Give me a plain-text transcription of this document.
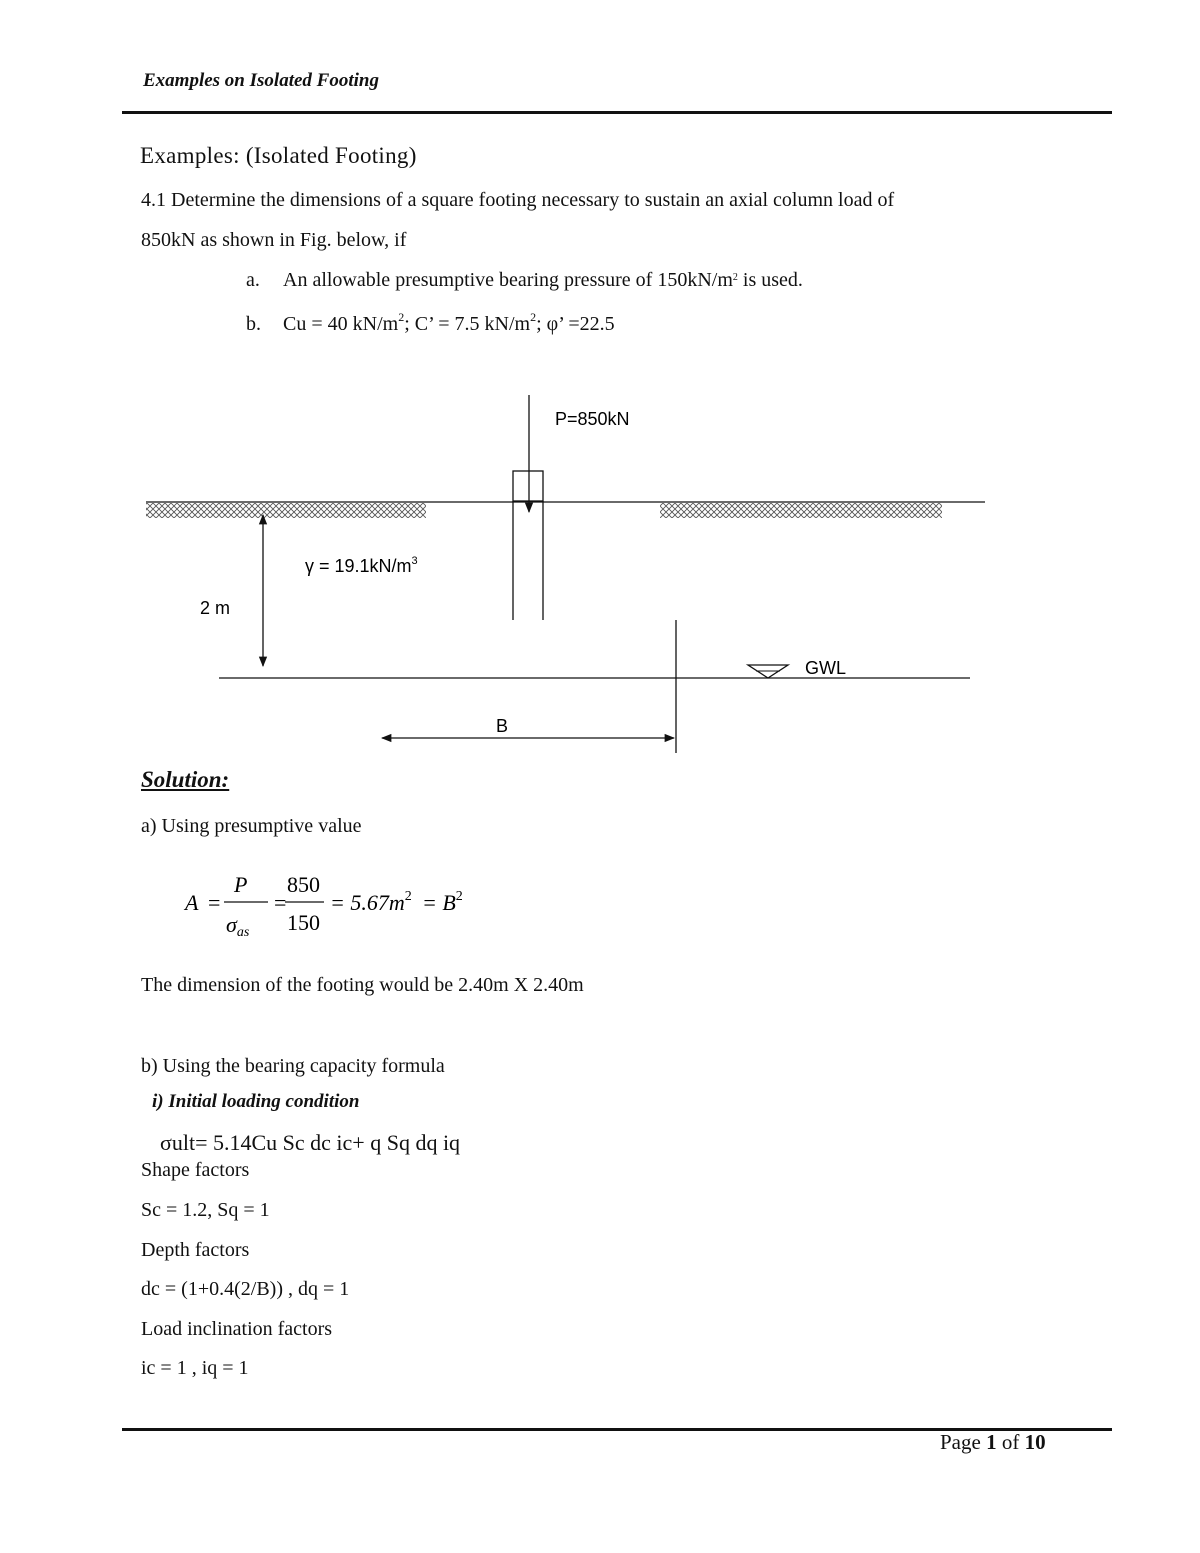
Examples on Isolated Footing
Examples: (Isolated Footing)
4.1 Determine the dimensions of a square footing necessary to sustain an axial column load of
850kN as shown in Fig. below, if
a. An allowable presumptive bearing pressure of $150kN/m^2$ is used.
b. Cu = 40 $kN/m^2$; C’ = 7.5 $kN/m^2$; φ’ =22.5
P=850kN
2 m
$\gamma = 19.1kN/m^3$
GWL
B
Solution:
a) Using presumptive value
A =
P
σas
=
850
150
= $5.67m^2 = B^2$
The dimension of the footing would be 2.40m X 2.40m
b) Using the bearing capacity formula
i) Initial loading condition
σult= 5.14Cu Sc dc ic+ q Sq dq iq
Shape factors
Sc = 1.2, Sq = 1
Depth factors
dc = (1+0.4(2/B)) , dq = 1
Load inclination factors
ic = 1 , iq = 1
Page 1 of 10
